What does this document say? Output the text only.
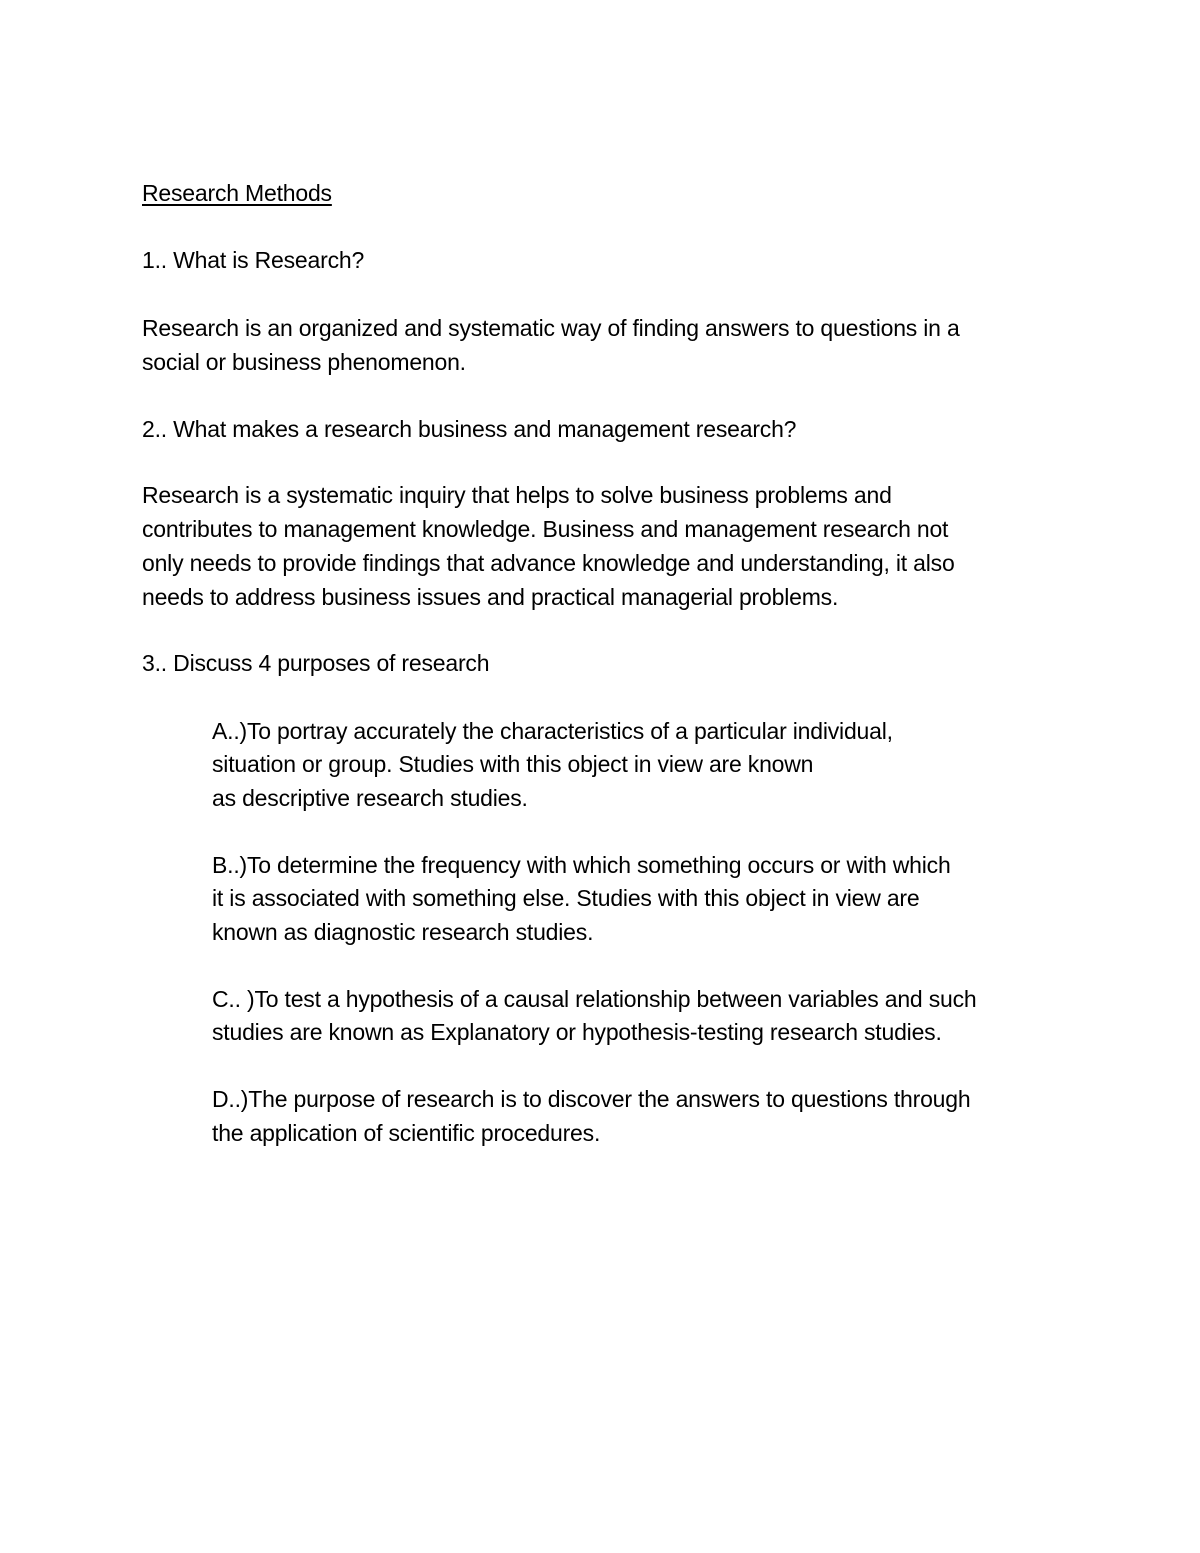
Research Methods
1.. What is Research?
Research is an organized and systematic way of finding answers to questions in a
social or business phenomenon.
2.. What makes a research business and management research?
Research is a systematic inquiry that helps to solve business problems and
contributes to management knowledge. Business and management research not
only needs to provide findings that advance knowledge and understanding, it also
needs to address business issues and practical managerial problems.
3.. Discuss 4 purposes of research
A..)To portray accurately the characteristics of a particular individual,
situation or group. Studies with this object in view are known
as descriptive research studies.
B..)To determine the frequency with which something occurs or with which
it is associated with something else. Studies with this object in view are
known as diagnostic research studies.
C.. )To test a hypothesis of a causal relationship between variables and such
studies are known as Explanatory or hypothesis-testing research studies.
D..)The purpose of research is to discover the answers to questions through
the application of scientific procedures.
